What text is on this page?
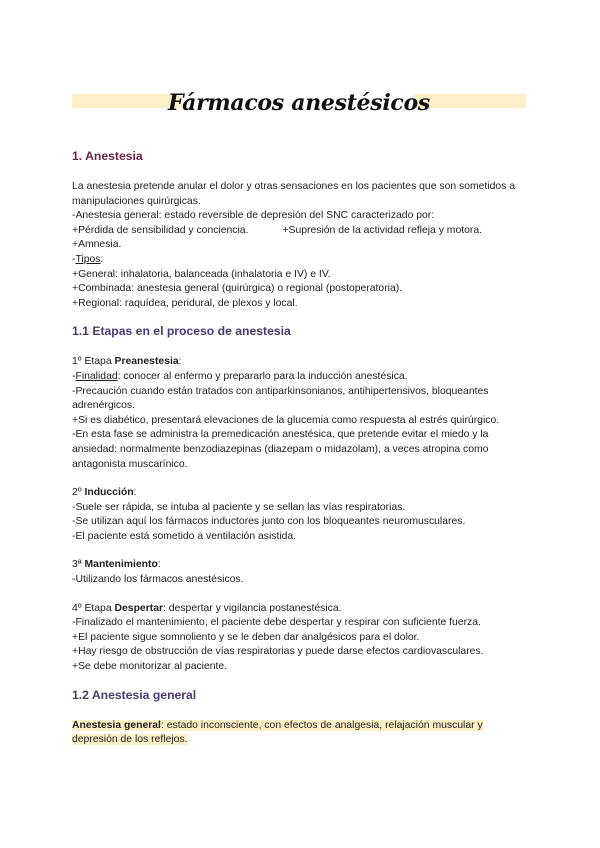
Fármacos anestésicos
1. Anestesia

La anestesia pretende anular el dolor y otras sensaciones en los pacientes que son sometidos a manipulaciones quirúrgicas.

-Anestesia general: estado reversible de depresión del SNC caracterizado por:

+Pérdida de sensibilidad y conciencia.	+Supresión de la actividad refleja y motora.

+Amnesia.

-Tipos:

+General: inhalatoria, balanceada (inhalatoria e IV) e IV.

+Combinada: anestesia general (quirúrgica) o regional (postoperatoria).

+Regional: raquídea, peridural, de plexos y local.

1.1 Etapas en el proceso de anestesia

1º Etapa Preanestesia:

-Finalidad: conocer al enfermo y prepararlo para la inducción anestésica.

-Precaución cuando están tratados con antiparkinsonianos, antihipertensivos, bloqueantes adrenérgicos.

+Si es diabético, presentará elevaciones de la glucemia como respuesta al estrés quirúrgico.

-En esta fase se administra la premedicación anestésica, que pretende evitar el miedo y la ansiedad: normalmente benzodiazepinas (diazepam o midazolam), a veces atropina como antagonista muscarínico.

2º Inducción:

-Suele ser rápida, se intuba al paciente y se sellan las vías respiratorias.

-Se utilizan aquí los fármacos inductores junto con los bloqueantes neuromusculares.

-El paciente está sometido a ventilación asistida.

3ª Mantenimiento:

-Utilizando los fármacos anestésicos.

4º Etapa Despertar: despertar y vigilancia postanestésica.

-Finalizado el mantenimiento, el paciente debe despertar y respirar con suficiente fuerza.

+El paciente sigue somnoliento y se le deben dar analgésicos para el dolor.

+Hay riesgo de obstrucción de vías respiratorias y puede darse efectos cardiovasculares.

+Se debe monitorizar al paciente.

1.2 Anestesia general

Anestesia general: estado inconsciente, con efectos de analgesia, relajación muscular y depresión de los reflejos.
